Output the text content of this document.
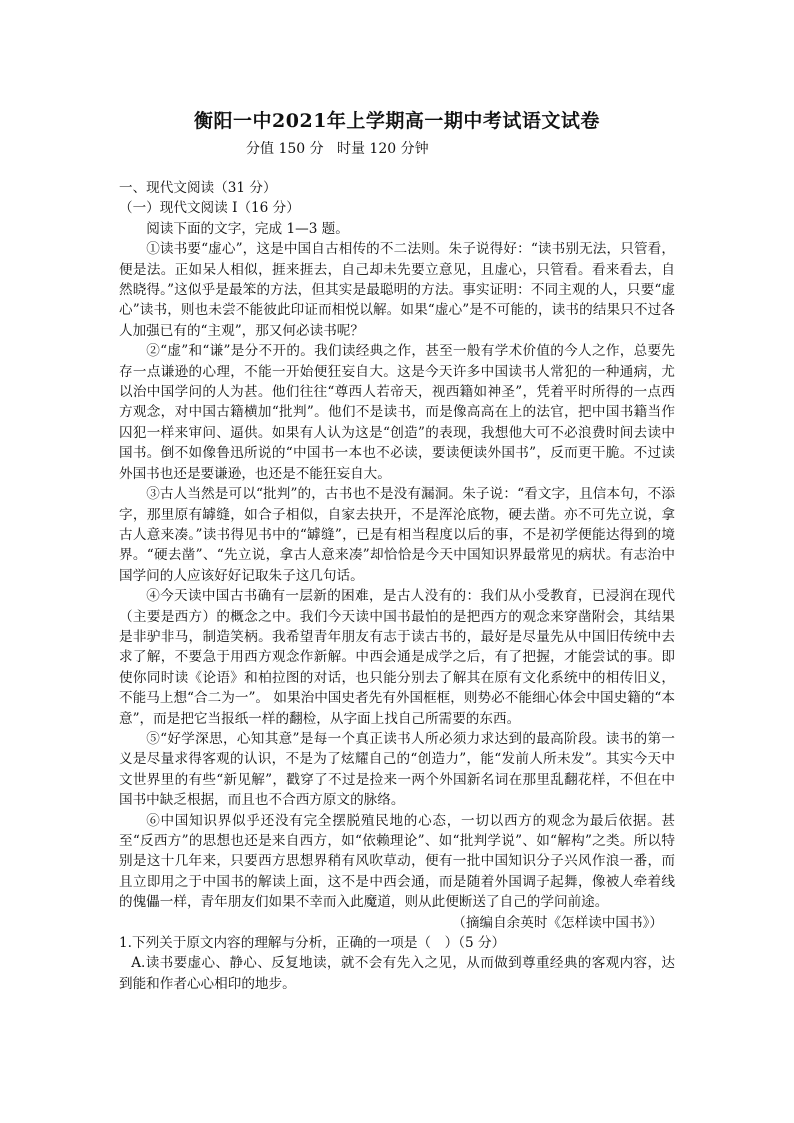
衡阳一中2021年上学期高一期中考试语文试卷
分值 150 分   时量 120 分钟

一、现代文阅读（31 分）

（一）现代文阅读 I（16 分）

阅读下面的文字，完成 1—3 题。

①读书要“虚心”，这是中国自古相传的不二法则。朱子说得好：“读书别无法，只管看，便是法。正如呆人相似，捱来捱去，自己却未先要立意见，且虚心，只管看。看来看去，自然晓得。”这似乎是最笨的方法，但其实是最聪明的方法。事实证明：不同主观的人，只要“虚心”读书，则也未尝不能彼此印证而相悦以解。如果“虚心”是不可能的，读书的结果只不过各人加强已有的“主观”，那又何必读书呢？

②“虚”和“谦”是分不开的。我们读经典之作，甚至一般有学术价值的今人之作，总要先存一点谦逊的心理，不能一开始便狂妄自大。这是今天许多中国读书人常犯的一种通病，尤以治中国学问的人为甚。他们往往“尊西人若帝天，视西籍如神圣”，凭着平时所得的一点西方观念，对中国古籍横加“批判”。他们不是读书，而是像高高在上的法官，把中国书籍当作囚犯一样来审问、逼供。如果有人认为这是“创造”的表现，我想他大可不必浪费时间去读中国书。倒不如像鲁迅所说的“中国书一本也不必读，要读便读外国书”，反而更干脆。不过读外国书也还是要谦逊，也还是不能狂妄自大。

③古人当然是可以“批判”的，古书也不是没有漏洞。朱子说：“看文字，且信本句，不添字，那里原有罅缝，如合子相似，自家去抉开，不是浑沦底物，硬去凿。亦不可先立说，拿古人意来凑。”读书得见书中的“罅缝”，已是有相当程度以后的事，不是初学便能达得到的境界。“硬去凿”、“先立说，拿古人意来凑”却恰恰是今天中国知识界最常见的病状。有志治中国学问的人应该好好记取朱子这几句话。

④今天读中国古书确有一层新的困难，是古人没有的：我们从小受教育，已浸润在现代（主要是西方）的概念之中。我们今天读中国书最怕的是把西方的观念来穿凿附会，其结果是非驴非马，制造笑柄。我希望青年朋友有志于读古书的，最好是尽量先从中国旧传统中去求了解，不要急于用西方观念作新解。中西会通是成学之后，有了把握，才能尝试的事。即使你同时读《论语》和柏拉图的对话，也只能分别去了解其在原有文化系统中的相传旧义，不能马上想“合二为一”。 如果治中国史者先有外国框框，则势必不能细心体会中国史籍的“本意”，而是把它当报纸一样的翻检，从字面上找自己所需要的东西。

⑤“好学深思，心知其意”是每一个真正读书人所必须力求达到的最高阶段。读书的第一义是尽量求得客观的认识，不是为了炫耀自己的“创造力”，能“发前人所未发”。其实今天中文世界里的有些“新见解”，戳穿了不过是捡来一两个外国新名词在那里乱翻花样，不但在中国书中缺乏根据，而且也不合西方原文的脉络。

⑥中国知识界似乎还没有完全摆脱殖民地的心态，一切以西方的观念为最后依据。甚至“反西方”的思想也还是来自西方，如“依赖理论”、如“批判学说”、如“解构”之类。所以特别是这十几年来，只要西方思想界稍有风吹草动，便有一批中国知识分子兴风作浪一番，而且立即用之于中国书的解读上面，这不是中西会通，而是随着外国调子起舞，像被人牵着线的傀儡一样，青年朋友们如果不幸而入此魔道，则从此便断送了自己的学问前途。

（摘编自余英时《怎样读中国书》）

1.下列关于原文内容的理解与分析，正确的一项是（　）（5 分）

A.读书要虚心、静心、反复地读，就不会有先入之见，从而做到尊重经典的客观内容，达到能和作者心心相印的地步。
